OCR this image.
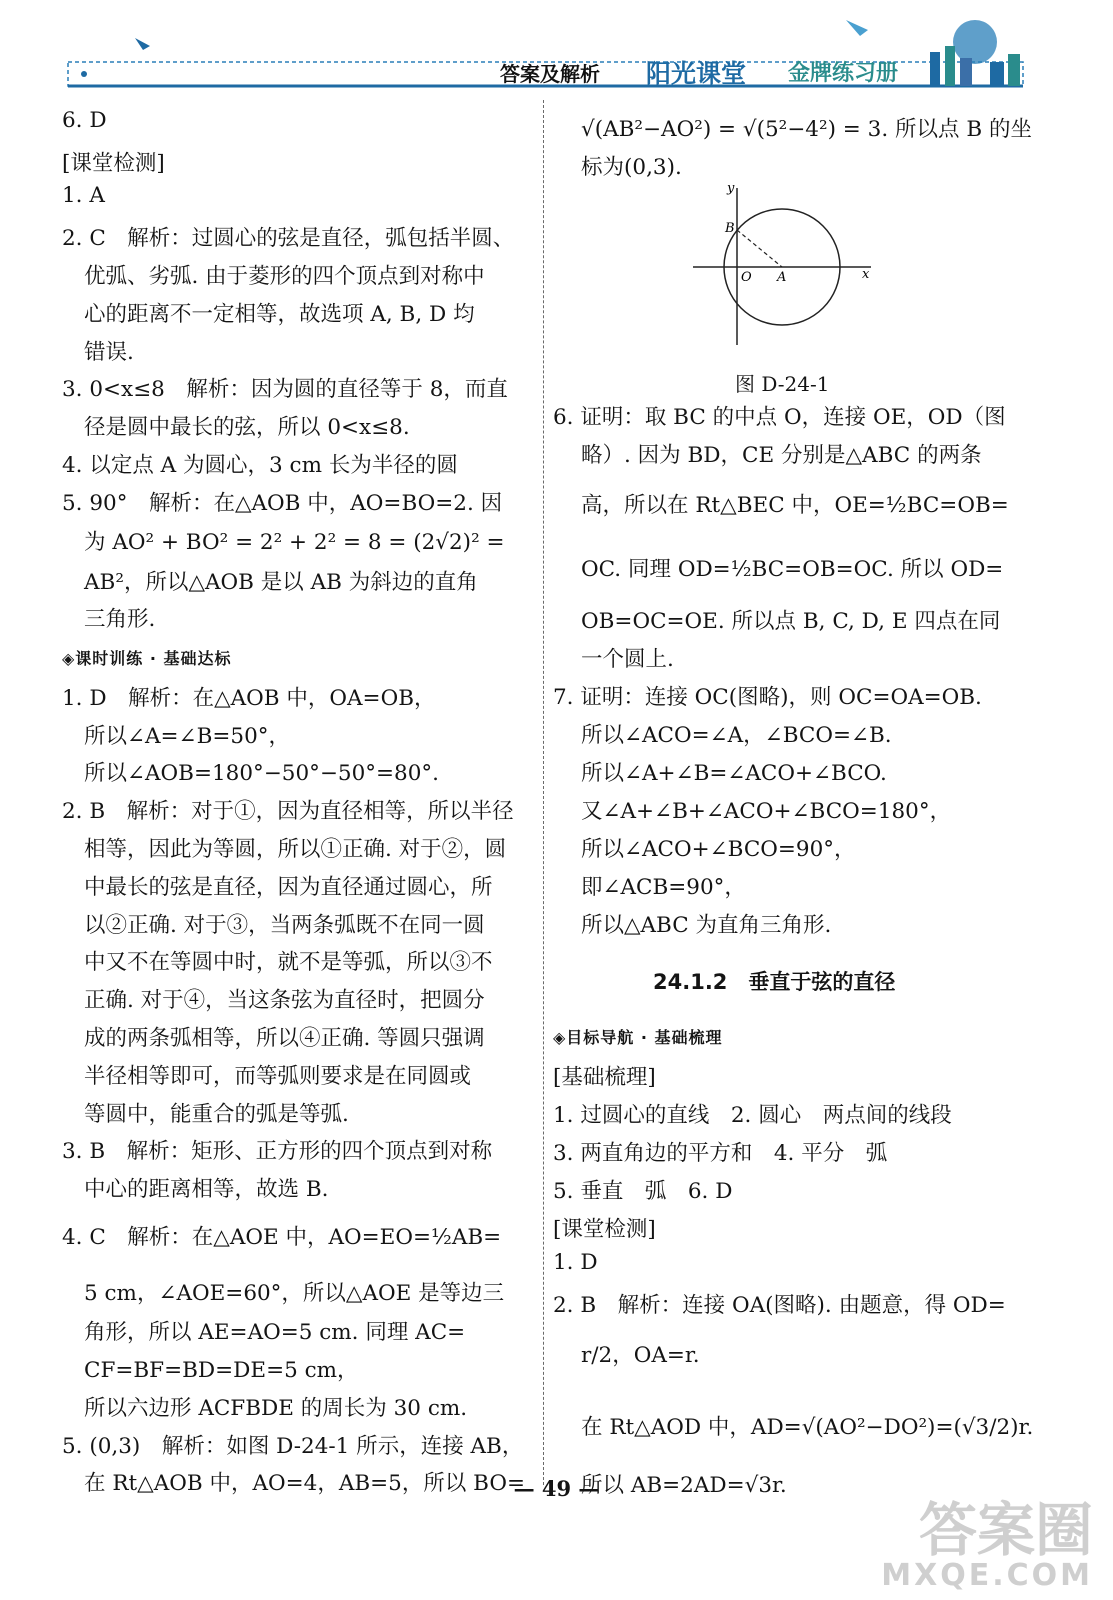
答案及解析 阳光课堂 金牌练习册
6. D
[课堂检测]
1. A
2. C　解析：过圆心的弦是直径，弧包括半圆、
优弧、劣弧. 由于菱形的四个顶点到对称中
心的距离不一定相等，故选项 A, B, D 均
错误.
3. 0<x≤8　解析：因为圆的直径等于 8，而直
径是圆中最长的弦，所以 0<x≤8.
4. 以定点 A 为圆心，3 cm 长为半径的圆
5. 90°　解析：在△AOB 中，AO=BO=2. 因
为 AO² + BO² = 2² + 2² = 8 = (2√2)² =
AB²，所以△AOB 是以 AB 为斜边的直角
三角形.
◈课时训练 · 基础达标
1. D　解析：在△AOB 中，OA=OB，
所以∠A=∠B=50°，
所以∠AOB=180°−50°−50°=80°.
2. B　解析：对于①，因为直径相等，所以半径
相等，因此为等圆，所以①正确. 对于②，圆
中最长的弦是直径，因为直径通过圆心，所
以②正确. 对于③，当两条弧既不在同一圆
中又不在等圆中时，就不是等弧，所以③不
正确. 对于④，当这条弦为直径时，把圆分
成的两条弧相等，所以④正确. 等圆只强调
半径相等即可，而等弧则要求是在同圆或
等圆中，能重合的弧是等弧.
3. B　解析：矩形、正方形的四个顶点到对称
中心的距离相等，故选 B.
4. C　解析：在△AOE 中，AO=EO=½AB=
5 cm，∠AOE=60°，所以△AOE 是等边三
角形，所以 AE=AO=5 cm. 同理 AC=
CF=BF=BD=DE=5 cm，
所以六边形 ACFBDE 的周长为 30 cm.
5. (0,3)　解析：如图 D-24-1 所示，连接 AB，
在 Rt△AOB 中，AO=4，AB=5，所以 BO=
√(AB²−AO²) = √(5²−4²) = 3. 所以点 B 的坐
标为(0,3).
6. 证明：取 BC 的中点 O，连接 OE，OD（图
略）. 因为 BD，CE 分别是△ABC 的两条
高，所以在 Rt△BEC 中，OE=½BC=OB=
OC. 同理 OD=½BC=OB=OC. 所以 OD=
OB=OC=OE. 所以点 B, C, D, E 四点在同
一个圆上.
7. 证明：连接 OC(图略)，则 OC=OA=OB.
所以∠ACO=∠A，∠BCO=∠B.
所以∠A+∠B=∠ACO+∠BCO.
又∠A+∠B+∠ACO+∠BCO=180°，
所以∠ACO+∠BCO=90°，
即∠ACB=90°，
所以△ABC 为直角三角形.
24.1.2　垂直于弦的直径
◈目标导航 · 基础梳理
[基础梳理]
1. 过圆心的直线　2. 圆心　两点间的线段
3. 两直角边的平方和　4. 平分　弧
5. 垂直　弧　6. D
[课堂检测]
1. D
2. B　解析：连接 OA(图略). 由题意，得 OD=
r/2，OA=r.
在 Rt△AOD 中，AD=√(AO²−DO²)=(√3/2)r.
所以 AB=2AD=√3r.
x
y
O A
B
图 D-24-1
— 49 —
答案圈
MXQE.COM
